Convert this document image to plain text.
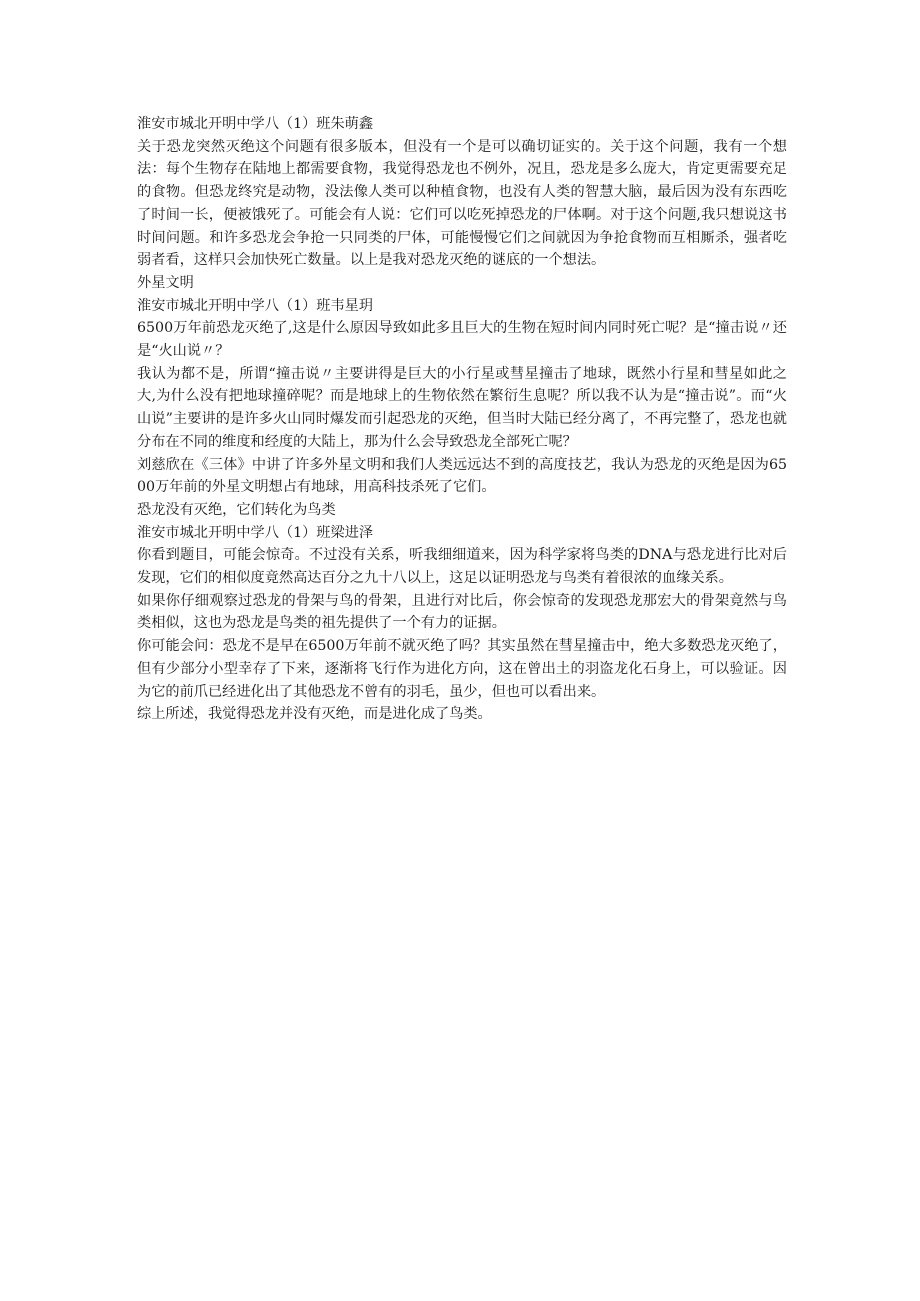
淮安市城北开明中学八（1）班朱萌鑫

关于恐龙突然灭绝这个问题有很多版本，但没有一个是可以确切证实的。关于这个问题，我有一个想法：每个生物存在陆地上都需要食物，我觉得恐龙也不例外，况且，恐龙是多么庞大，肯定更需要充足的食物。但恐龙终究是动物，没法像人类可以种植食物，也没有人类的智慧大脑，最后因为没有东西吃了时间一长，便被饿死了。可能会有人说：它们可以吃死掉恐龙的尸体啊。对于这个问题,我只想说这书时间问题。和许多恐龙会争抢一只同类的尸体，可能慢慢它们之间就因为争抢食物而互相厮杀，强者吃弱者看，这样只会加快死亡数量。以上是我对恐龙灭绝的谜底的一个想法。

外星文明

淮安市城北开明中学八（1）班韦星玥

6500万年前恐龙灭绝了,这是什么原因导致如此多且巨大的生物在短时间内同时死亡呢？是“撞击说〃还是“火山说〃？

我认为都不是，所谓“撞击说〃主要讲得是巨大的小行星或彗星撞击了地球，既然小行星和彗星如此之大,为什么没有把地球撞碎呢？而是地球上的生物依然在繁衍生息呢？所以我不认为是“撞击说”。而“火山说”主要讲的是许多火山同时爆发而引起恐龙的灭绝，但当时大陆已经分离了，不再完整了，恐龙也就分布在不同的维度和经度的大陆上，那为什么会导致恐龙全部死亡呢？

刘慈欣在《三体》中讲了许多外星文明和我们人类远远达不到的高度技艺，我认为恐龙的灭绝是因为6500万年前的外星文明想占有地球，用高科技杀死了它们。

恐龙没有灭绝，它们转化为鸟类

淮安市城北开明中学八（1）班梁进泽

你看到题目，可能会惊奇。不过没有关系，听我细细道来，因为科学家将鸟类的DNA与恐龙进行比对后发现，它们的相似度竟然高达百分之九十八以上，这足以证明恐龙与鸟类有着很浓的血缘关系。

如果你仔细观察过恐龙的骨架与鸟的骨架，且进行对比后，你会惊奇的发现恐龙那宏大的骨架竟然与鸟类相似，这也为恐龙是鸟类的祖先提供了一个有力的证据。

你可能会问：恐龙不是早在6500万年前不就灭绝了吗？其实虽然在彗星撞击中，绝大多数恐龙灭绝了，但有少部分小型幸存了下来，逐渐将飞行作为进化方向，这在曾出土的羽盗龙化石身上，可以验证。因为它的前爪已经进化出了其他恐龙不曾有的羽毛，虽少，但也可以看出来。

综上所述，我觉得恐龙并没有灭绝，而是进化成了鸟类。
